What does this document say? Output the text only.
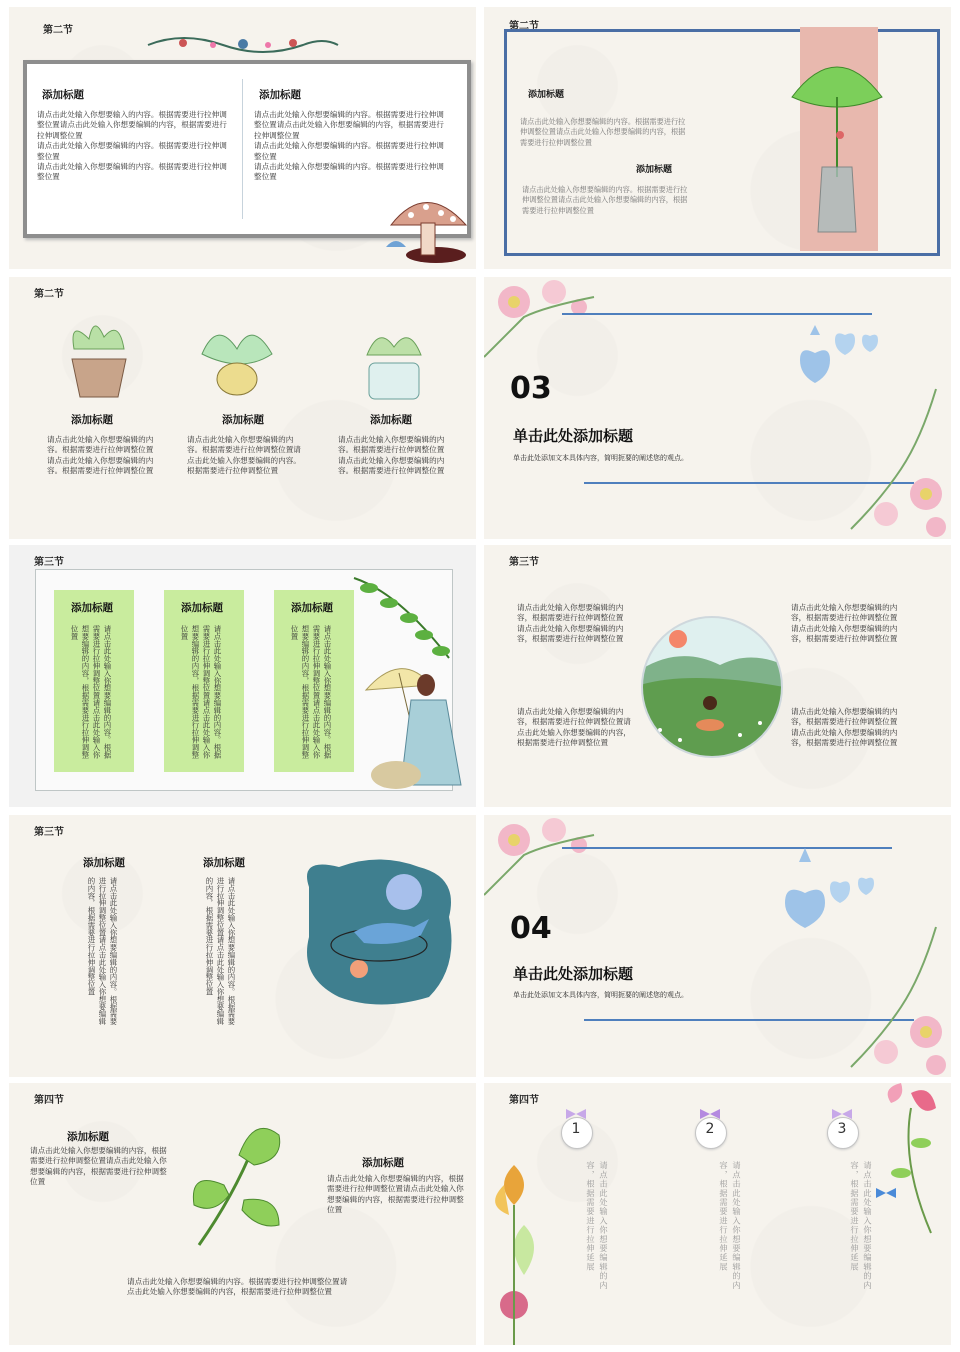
第二节
添加标题
请点击此处输入你想要输入的内容。根据需要进行拉伸调整位置请点击此处输入你想要编辑的内容，根据需要进行拉伸调整位置
请点击此处输入你想要编辑的内容。根据需要进行拉伸调整位置
请点击此处输入你想要编辑的内容。根据需要进行拉伸调整位置
添加标题
请点击此处输入你想要编辑的内容。根据需要进行拉伸调整位置请点击此处输入你想要编辑的内容，根据需要进行拉伸调整位置
请点击此处输入你想要编辑的内容。根据需要进行拉伸调整位置
请点击此处输入你想要编辑的内容。根据需要进行拉伸调整位置
第二节
添加标题
请点击此处输入你想要编辑的内容。根据需要进行拉伸调整位置请点击此处输入你想要编辑的内容，根据需要进行拉伸调整位置
添加标题
请点击此处输入你想要编辑的内容。根据需要进行拉伸调整位置请点击此处输入你想要编辑的内容，根据需要进行拉伸调整位置
第二节
添加标题
请点击此处输入你想要编辑的内容。根据需要进行拉伸调整位置请点击此处输入你想要编辑的内容。根据需要进行拉伸调整位置
添加标题
请点击此处输入你想要编辑的内容。根据需要进行拉伸调整位置请点击此处输入你想要编辑的内容。根据需要进行拉伸调整位置
添加标题
请点击此处输入你想要编辑的内容。根据需要进行拉伸调整位置请点击此处输入你想要编辑的内容。根据需要进行拉伸调整位置
03
单击此处添加标题
单击此处添加文本具体内容，简明扼要的阐述您的观点。
第三节
添加标题	添加标题	添加标题
请点击此处输入你想要编辑的内容。根据需要进行拉伸调整位置请点击此处输入你想要编辑的内容，根据需要进行拉伸调整位置	请点击此处输入你想要编辑的内容。根据需要进行拉伸调整位置请点击此处输入你想要编辑的内容，根据需要进行拉伸调整位置	请点击此处输入你想要编辑的内容。根据需要进行拉伸调整位置请点击此处输入你想要编辑的内容，根据需要进行拉伸调整位置
第三节
请点击此处输入你想要编辑的内容，根据需要进行拉伸调整位置请点击此处输入你想要编辑的内容，根据需要进行拉伸调整位置
请点击此处输入你想要编辑的内容，根据需要进行拉伸调整位置请点击此处输入你想要编辑的内容，根据需要进行拉伸调整位置
请点击此处输入你想要编辑的内容，根据需要进行拉伸调整位置请点击此处输入你想要编辑的内容，根据需要进行拉伸调整位置
请点击此处输入你想要编辑的内容，根据需要进行拉伸调整位置请点击此处输入你想要编辑的内容，根据需要进行拉伸调整位置
第三节
添加标题
请点击此处输入你想要编辑的内容。根据需要进行拉伸调整位置请点击此处输入你想要编辑的内容，根据需要进行拉伸调整位置
添加标题
请点击此处输入你想要编辑的内容。根据需要进行拉伸调整位置请点击此处输入你想要编辑的内容，根据需要进行拉伸调整位置	04
单击此处添加标题
单击此处添加文本具体内容，简明扼要的阐述您的观点。
第四节
添加标题
请点击此处输入你想要编辑的内容，根据需要进行拉伸调整位置请点击此处输入你想要编辑的内容，根据需要进行拉伸调整位置
添加标题
请点击此处输入你想要编辑的内容，根据需要进行拉伸调整位置请点击此处输入你想要编辑的内容，根据需要进行拉伸调整位置
请点击此处输入你想要编辑的内容。根据需要进行拉伸调整位置请点击此处输入你想要编辑的内容，根据需要进行拉伸调整位置
第四节
1	2	3
请点击此处输入你想要编辑的内容，根据需要进行拉伸延展	请点击此处输入你想要编辑的内容，根据需要进行拉伸延展	请点击此处输入你想要编辑的内容，根据需要进行拉伸延展
